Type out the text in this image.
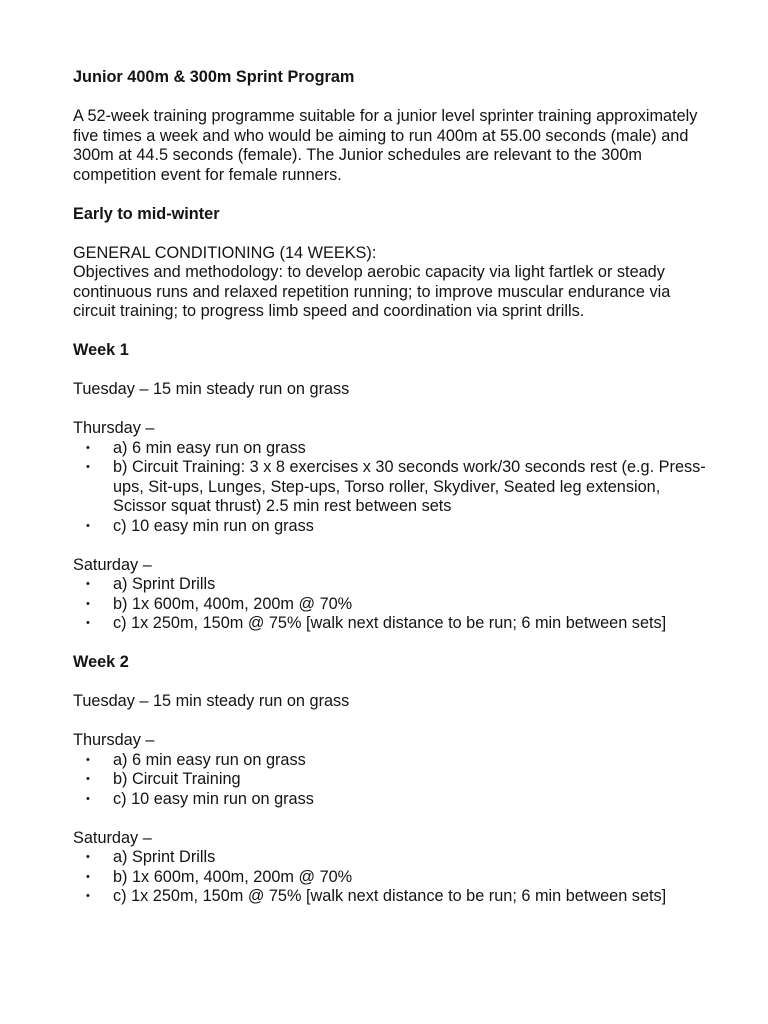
Junior 400m & 300m Sprint Program

A 52-week training programme suitable for a junior level sprinter training approximately five times a week and who would be aiming to run 400m at 55.00 seconds (male) and 300m at 44.5 seconds (female). The Junior schedules are relevant to the 300m competition event for female runners.

Early to mid-winter

GENERAL CONDITIONING (14 WEEKS):

Objectives and methodology: to develop aerobic capacity via light fartlek or steady continuous runs and relaxed repetition running; to improve muscular endurance via circuit training; to progress limb speed and coordination via sprint drills.

Week 1

Tuesday – 15 min steady run on grass

Thursday –

• a) 6 min easy run on grass
• b) Circuit Training: 3 x 8 exercises x 30 seconds work/30 seconds rest (e.g. Press-ups, Sit-ups, Lunges, Step-ups, Torso roller, Skydiver, Seated leg extension, Scissor squat thrust) 2.5 min rest between sets
• c) 10 easy min run on grass

Saturday –

• a) Sprint Drills
• b) 1x 600m, 400m, 200m @ 70%
• c) 1x 250m, 150m @ 75% [walk next distance to be run; 6 min between sets]

Week 2

Tuesday – 15 min steady run on grass

Thursday –

• a) 6 min easy run on grass
• b) Circuit Training
• c) 10 easy min run on grass

Saturday –

• a) Sprint Drills
• b) 1x 600m, 400m, 200m @ 70%
• c) 1x 250m, 150m @ 75% [walk next distance to be run; 6 min between sets]
